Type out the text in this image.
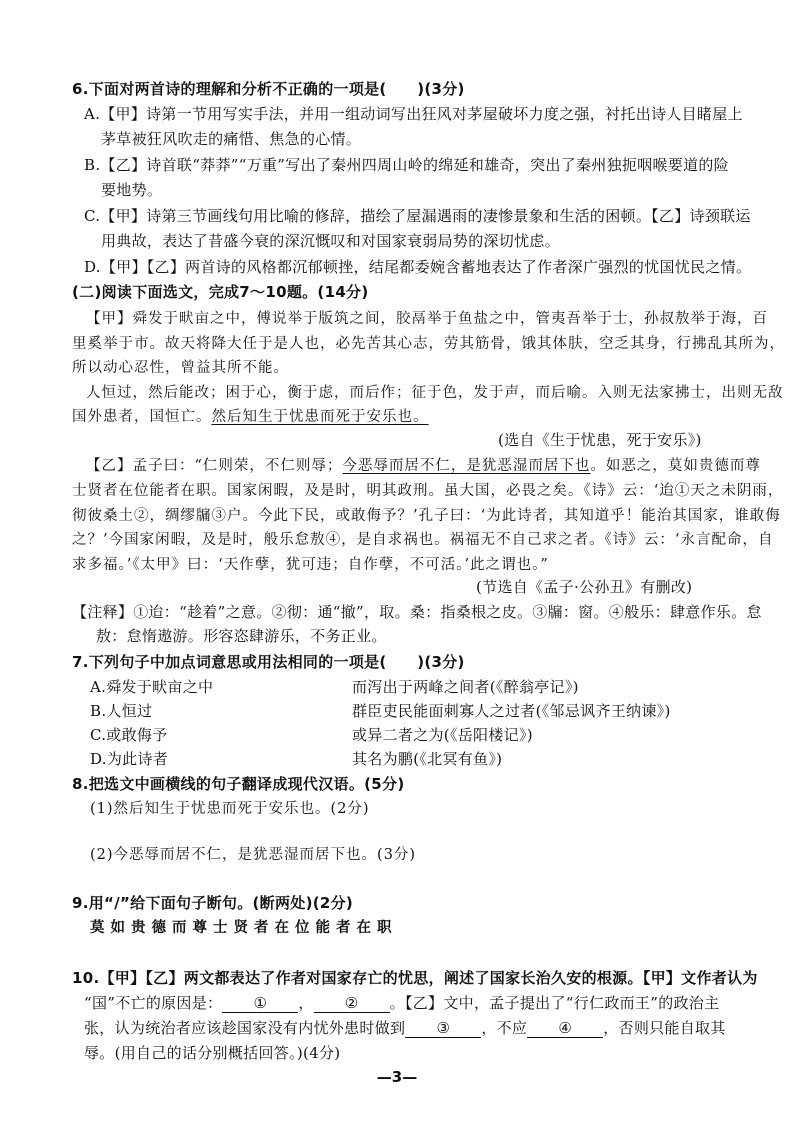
6.下面对两首诗的理解和分析不正确的一项是(　　)(3分)
A.【甲】诗第一节用写实手法，并用一组动词写出狂风对茅屋破坏力度之强，衬托出诗人目睹屋上
茅草被狂风吹走的痛惜、焦急的心情。
B.【乙】诗首联“莽莽”“万重”写出了秦州四周山岭的绵延和雄奇，突出了秦州独扼咽喉要道的险
要地势。
C.【甲】诗第三节画线句用比喻的修辞，描绘了屋漏遇雨的凄惨景象和生活的困顿。【乙】诗颈联运
用典故，表达了昔盛今衰的深沉慨叹和对国家衰弱局势的深切忧虑。
D.【甲】【乙】两首诗的风格都沉郁顿挫，结尾都委婉含蓄地表达了作者深广强烈的忧国忧民之情。
(二)阅读下面选文，完成7～10题。(14分)
【甲】舜发于畎亩之中，傅说举于版筑之间，胶鬲举于鱼盐之中，管夷吾举于士，孙叔敖举于海，百
里奚举于市。故天将降大任于是人也，必先苦其心志，劳其筋骨，饿其体肤，空乏其身，行拂乱其所为，
所以动心忍性，曾益其所不能。
人恒过，然后能改；困于心，衡于虑，而后作；征于色，发于声，而后喻。入则无法家拂士，出则无敌
国外患者，国恒亡。然后知生于忧患而死于安乐也。
(选自《生于忧患，死于安乐》)
【乙】孟子曰：“仁则荣，不仁则辱；今恶辱而居不仁，是犹恶湿而居下也。如恶之，莫如贵德而尊
士贤者在位能者在职。国家闲暇，及是时，明其政刑。虽大国，必畏之矣。《诗》云：‘迨①天之未阴雨，
彻彼桑土②，绸缪牖③户。今此下民，或敢侮予？’孔子曰：‘为此诗者，其知道乎！能治其国家，谁敢侮
之？’今国家闲暇，及是时，般乐怠敖④，是自求祸也。祸福无不自己求之者。《诗》云：‘永言配命，自
求多福。’《太甲》曰：‘天作孽，犹可违；自作孽，不可活。’此之谓也。”
(节选自《孟子·公孙丑》有删改)
【注释】①迨：“趁着”之意。②彻：通“撤”，取。桑：指桑根之皮。③牖：窗。④般乐：肆意作乐。怠
敖：怠惰遨游。形容恣肆游乐，不务正业。
7.下列句子中加点词意思或用法相同的一项是(　　)(3分)
A.舜发于畎亩之中	而泻出于两峰之间者(《醉翁亭记》)
B.人恒过	群臣吏民能面刺寡人之过者(《邹忌讽齐王纳谏》)
C.或敢侮予	或异二者之为(《岳阳楼记》)
D.为此诗者	其名为鹏(《北冥有鱼》)
8.把选文中画横线的句子翻译成现代汉语。(5分)
(1)然后知生于忧患而死于安乐也。(2分)
(2)今恶辱而居不仁，是犹恶湿而居下也。(3分)
9.用“/”给下面句子断句。(断两处)(2分)
莫如贵德而尊士贤者在位能者在职
10.【甲】【乙】两文都表达了作者对国家存亡的忧思，阐述了国家长治久安的根源。【甲】文作者认为
“国”不亡的原因是： ① ， ② 。【乙】文中，孟子提出了“行仁政而王”的政治主
张，认为统治者应该趁国家没有内忧外患时做到 ③ ，不应 ④ ，否则只能自取其
辱。(用自己的话分别概括回答。)(4分)
—3—
